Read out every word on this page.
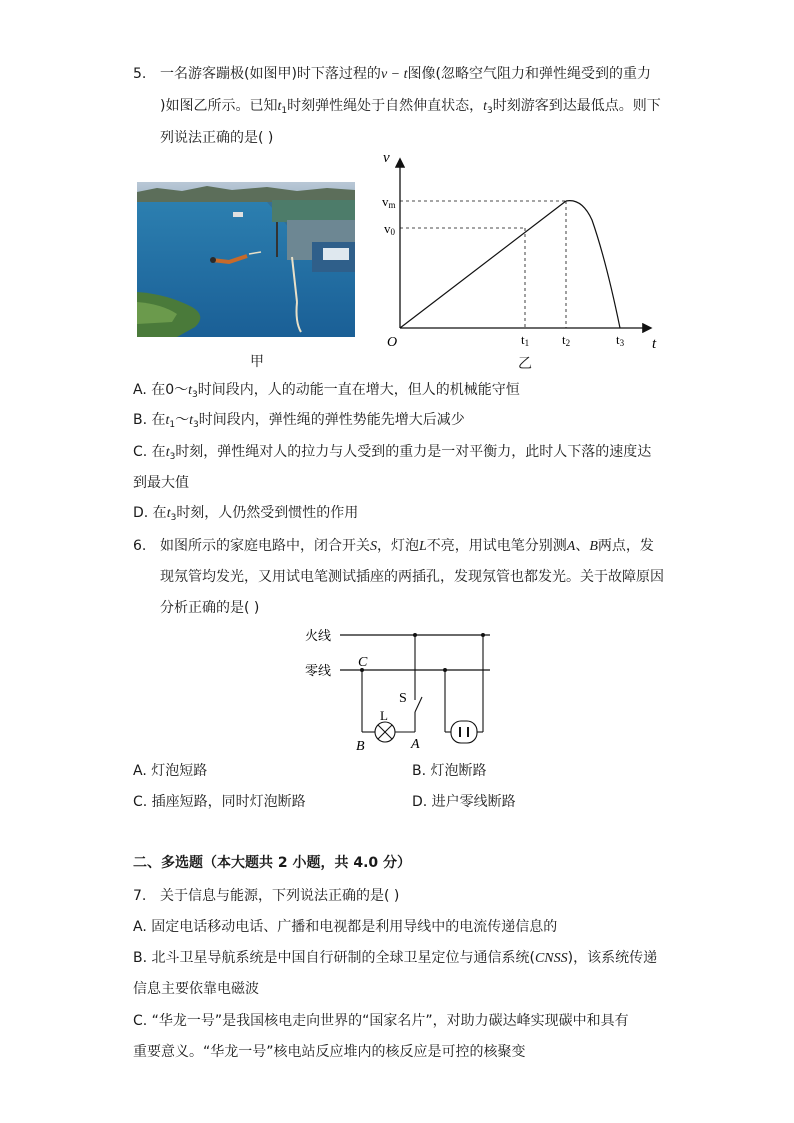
5. 一名游客蹦极(如图甲)时下落过程的v − t图像(忽略空气阻力和弹性绳受到的重力
)如图乙所示。已知$t_1$时刻弹性绳处于自然伸直状态，$t_3$时刻游客到达最低点。则下
列说法正确的是( )
甲
v
t
O
vm
v0
t1	t2	t3
乙
A. 在$0\sim t_3$时间段内，人的动能一直在增大，但人的机械能守恒
B. 在$t_1\sim t_3$时间段内，弹性绳的弹性势能先增大后减少
C. 在$t_3$时刻，弹性绳对人的拉力与人受到的重力是一对平衡力，此时人下落的速度达
到最大值
D. 在$t_3$时刻，人仍然受到惯性的作用
6. 如图所示的家庭电路中，闭合开关S，灯泡L不亮，用试电笔分别测A、B两点，发
现氖管均发光，又用试电笔测试插座的两插孔，发现氖管也都发光。关于故障原因
分析正确的是( )
火线
零线
C
S
L
B	A
A. 灯泡短路	B. 灯泡断路
C. 插座短路，同时灯泡断路	D. 进户零线断路
二、多选题（本大题共 2 小题，共 4.0 分）
7. 关于信息与能源，下列说法正确的是( )
A. 固定电话移动电话、广播和电视都是利用导线中的电流传递信息的
B. 北斗卫星导航系统是中国自行研制的全球卫星定位与通信系统(CNSS)，该系统传递
信息主要依靠电磁波
C. “华龙一号”是我国核电走向世界的“国家名片”，对助力碳达峰实现碳中和具有
重要意义。“华龙一号”核电站反应堆内的核反应是可控的核聚变
